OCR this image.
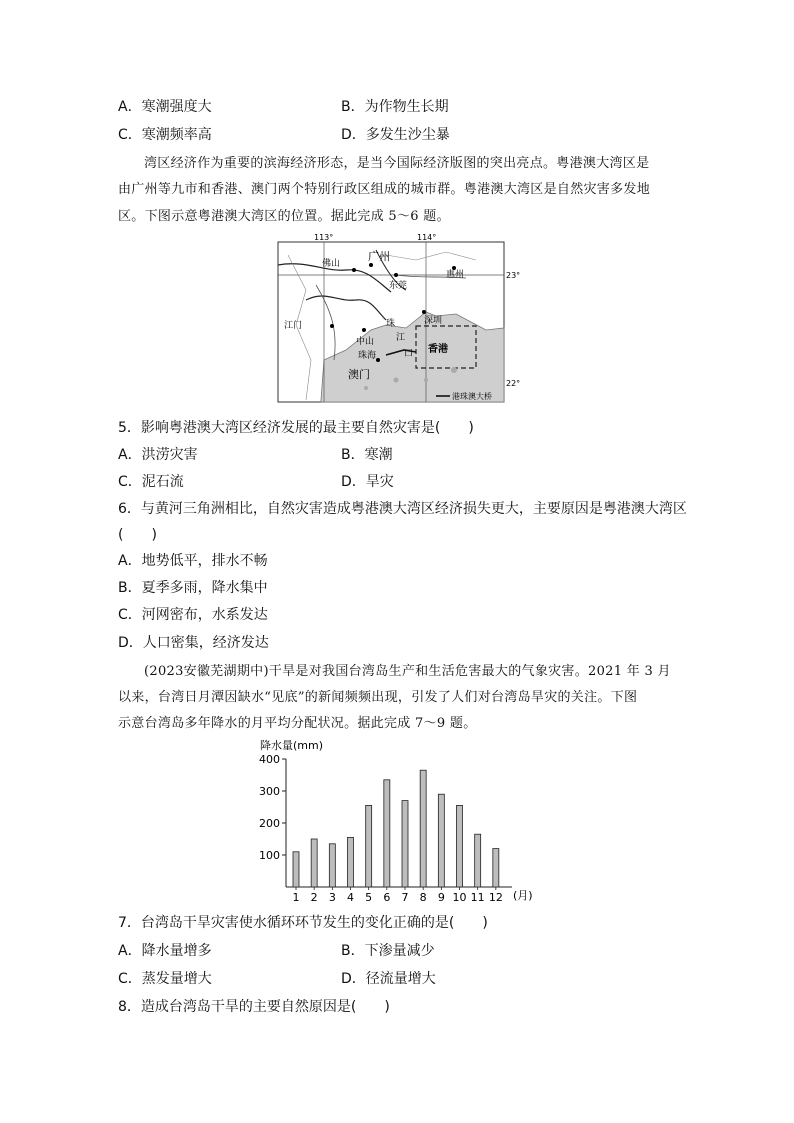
A．寒潮强度大	B．为作物生长期
C．寒潮频率高	D．多发生沙尘暴
湾区经济作为重要的滨海经济形态，是当今国际经济版图的突出亮点。粤港澳大湾区是
由广州等九市和香港、澳门两个特别行政区组成的城市群。粤港澳大湾区是自然灾害多发地
区。下图示意粤港澳大湾区的位置。据此完成 5～6 题。
113°	114°
23°
22°
广州
佛山
东莞
惠州
深圳
江门
中山
珠海
香港
澳门
珠
江
口
港珠澳大桥
5．影响粤港澳大湾区经济发展的最主要自然灾害是(　　)
A．洪涝灾害	B．寒潮
C．泥石流	D．旱灾
6．与黄河三角洲相比，自然灾害造成粤港澳大湾区经济损失更大，主要原因是粤港澳大湾区
(　　)
A．地势低平，排水不畅
B．夏季多雨，降水集中
C．河网密布，水系发达
D．人口密集，经济发达
(2023安徽芜湖期中)干旱是对我国台湾岛生产和生活危害最大的气象灾害。2021 年 3 月
以来，台湾日月潭因缺水“见底”的新闻频频出现，引发了人们对台湾岛旱灾的关注。下图
示意台湾岛多年降水的月平均分配状况。据此完成 7～9 题。
降水量(mm)
(月)
100
200
300
400
1 2 3 4 5 6 7 8 9 10 11 12
7．台湾岛干旱灾害使水循环环节发生的变化正确的是(　　)
A．降水量增多	B．下渗量减少
C．蒸发量增大	D．径流量增大
8．造成台湾岛干旱的主要自然原因是(　　)
